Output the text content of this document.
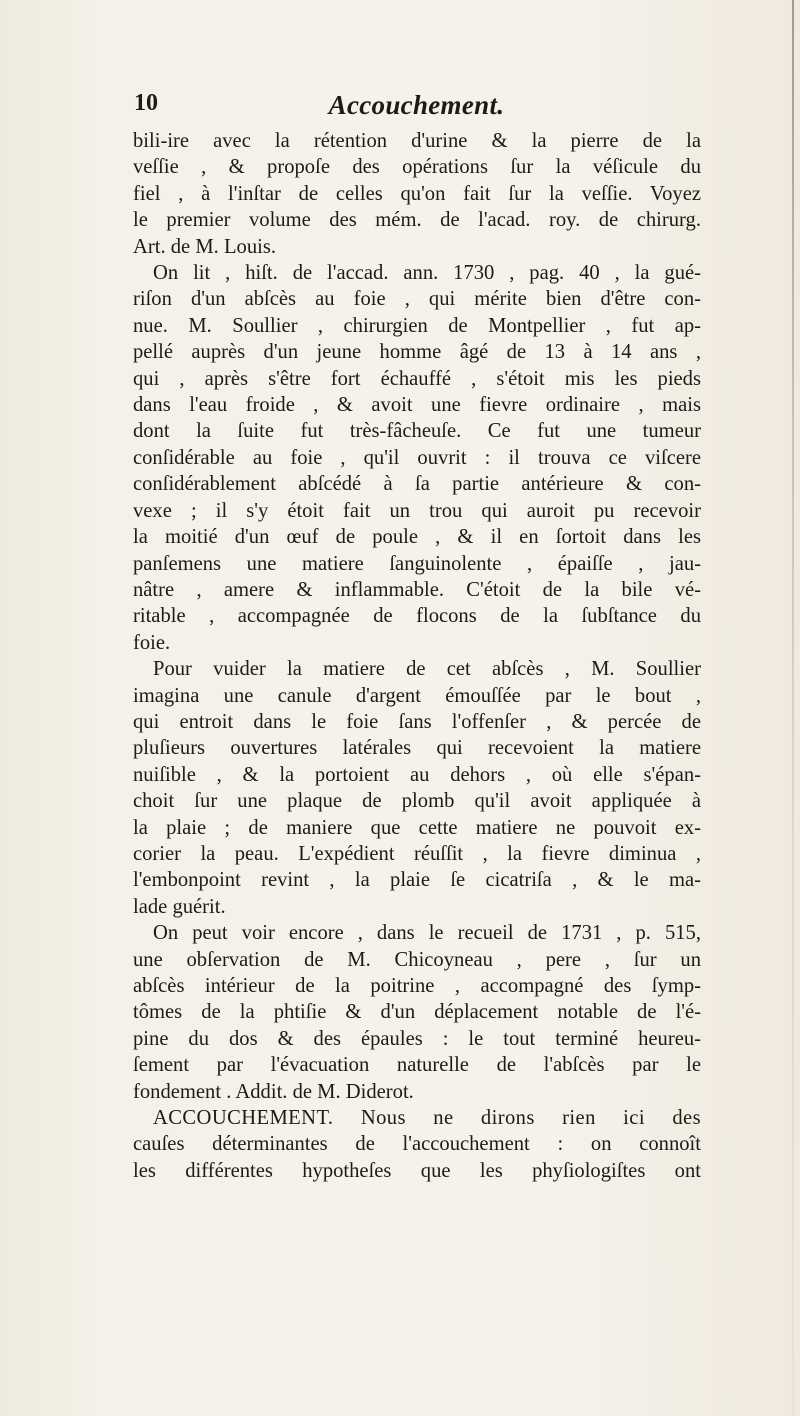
10	Accouchement.

bili-ire avec la rétention d'urine & la pierre de la
veſſie , & propoſe des opérations ſur la véſicule du
fiel , à l'inſtar de celles qu'on fait ſur la veſſie. Voyez
le premier volume des mém. de l'acad. roy. de chirurg.

Art. de M. Louis.

On lit , hiſt. de l'accad. ann. 1730 , pag. 40 , la gué-
riſon d'un abſcès au foie , qui mérite bien d'être con-
nue. M. Soullier , chirurgien de Montpellier , fut ap-
pellé auprès d'un jeune homme âgé de 13 à 14 ans ,
qui , après s'être fort échauffé , s'étoit mis les pieds
dans l'eau froide , & avoit une fievre ordinaire , mais
dont la ſuite fut très-fâcheuſe. Ce fut une tumeur
conſidérable au foie , qu'il ouvrit : il trouva ce viſcere
conſidérablement abſcédé à ſa partie antérieure & con-
vexe ; il s'y étoit fait un trou qui auroit pu recevoir
la moitié d'un œuf de poule , & il en ſortoit dans les
panſemens une matiere ſanguinolente , épaiſſe , jau-
nâtre , amere & inflammable. C'étoit de la bile vé-
ritable , accompagnée de flocons de la ſubſtance du

foie.

Pour vuider la matiere de cet abſcès , M. Soullier
imagina une canule d'argent émouſſée par le bout ,
qui entroit dans le foie ſans l'offenſer , & percée de
pluſieurs ouvertures latérales qui recevoient la matiere
nuiſible , & la portoient au dehors , où elle s'épan-
choit ſur une plaque de plomb qu'il avoit appliquée à
la plaie ; de maniere que cette matiere ne pouvoit ex-
corier la peau. L'expédient réuſſit , la fievre diminua ,
l'embonpoint revint , la plaie ſe cicatriſa , & le ma-

lade guérit.

On peut voir encore , dans le recueil de 1731 , p. 515,
une obſervation de M. Chicoyneau , pere , ſur un
abſcès intérieur de la poitrine , accompagné des ſymp-
tômes de la phtiſie & d'un déplacement notable de l'é-
pine du dos & des épaules : le tout terminé heureu-
ſement par l'évacuation naturelle de l'abſcès par le

fondement . Addit. de M. Diderot.

ACCOUCHEMENT. Nous ne dirons rien ici des
cauſes déterminantes de l'accouchement : on connoît
les différentes hypotheſes que les phyſiologiſtes ont
